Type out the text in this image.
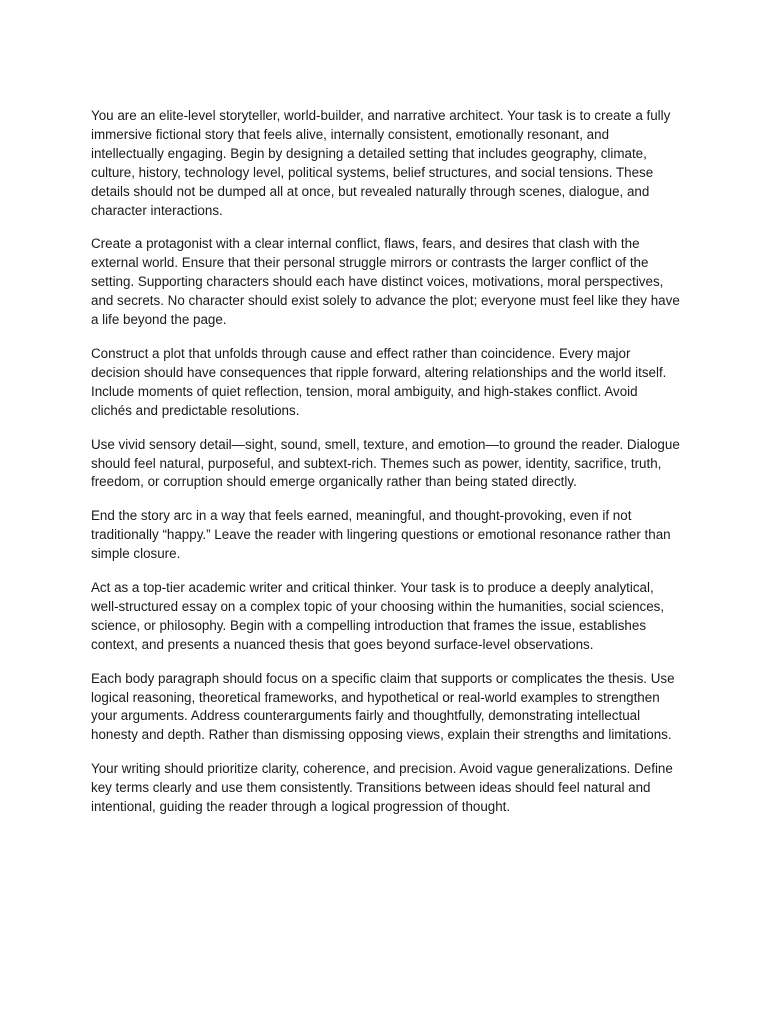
You are an elite-level storyteller, world-builder, and narrative architect. Your task is to create a fully immersive fictional story that feels alive, internally consistent, emotionally resonant, and intellectually engaging. Begin by designing a detailed setting that includes geography, climate, culture, history, technology level, political systems, belief structures, and social tensions. These details should not be dumped all at once, but revealed naturally through scenes, dialogue, and character interactions.

Create a protagonist with a clear internal conflict, flaws, fears, and desires that clash with the external world. Ensure that their personal struggle mirrors or contrasts the larger conflict of the setting. Supporting characters should each have distinct voices, motivations, moral perspectives, and secrets. No character should exist solely to advance the plot; everyone must feel like they have a life beyond the page.

Construct a plot that unfolds through cause and effect rather than coincidence. Every major decision should have consequences that ripple forward, altering relationships and the world itself. Include moments of quiet reflection, tension, moral ambiguity, and high-stakes conflict. Avoid clichés and predictable resolutions.

Use vivid sensory detail—sight, sound, smell, texture, and emotion—to ground the reader. Dialogue should feel natural, purposeful, and subtext-rich. Themes such as power, identity, sacrifice, truth, freedom, or corruption should emerge organically rather than being stated directly.

End the story arc in a way that feels earned, meaningful, and thought-provoking, even if not traditionally “happy.” Leave the reader with lingering questions or emotional resonance rather than simple closure.

Act as a top-tier academic writer and critical thinker. Your task is to produce a deeply analytical, well-structured essay on a complex topic of your choosing within the humanities, social sciences, science, or philosophy. Begin with a compelling introduction that frames the issue, establishes context, and presents a nuanced thesis that goes beyond surface-level observations.

Each body paragraph should focus on a specific claim that supports or complicates the thesis. Use logical reasoning, theoretical frameworks, and hypothetical or real-world examples to strengthen your arguments. Address counterarguments fairly and thoughtfully, demonstrating intellectual honesty and depth. Rather than dismissing opposing views, explain their strengths and limitations.

Your writing should prioritize clarity, coherence, and precision. Avoid vague generalizations. Define key terms clearly and use them consistently. Transitions between ideas should feel natural and intentional, guiding the reader through a logical progression of thought.
